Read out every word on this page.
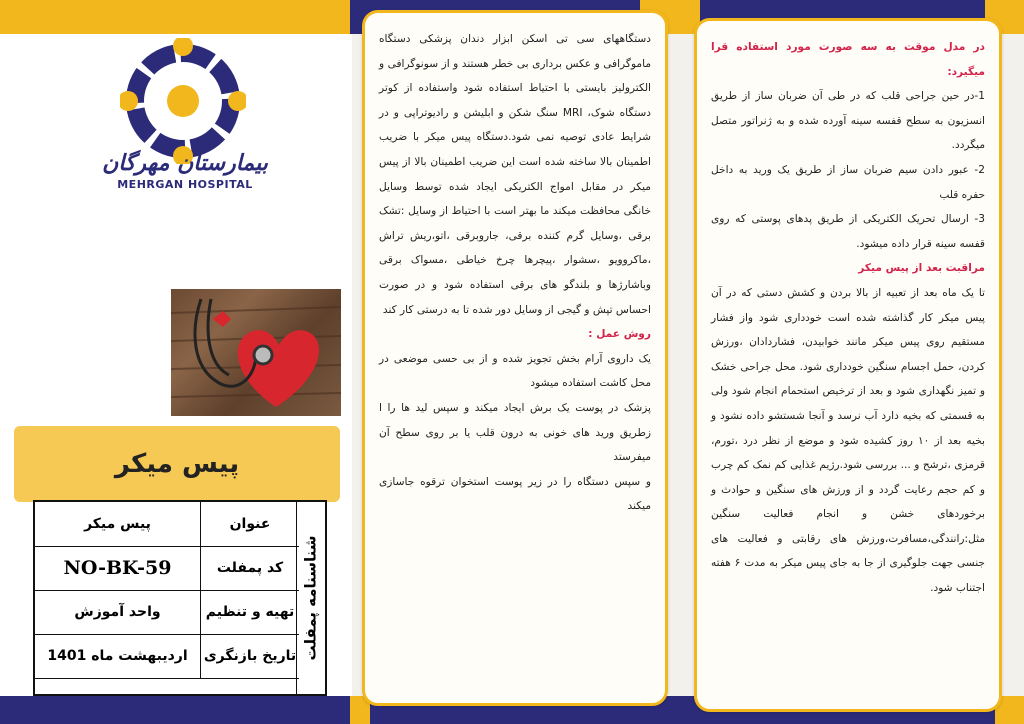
بیمارستان مهرگان
MEHRGAN HOSPITAL
پیس میکر
شناسنامه پمفلت
عنوان
پیس میکر
کد پمفلت
NO-BK-59
تهیه و تنظیم
واحد آموزش
تاریخ بازنگری
اردیبهشت ماه 1401

دستگاههای سی تی اسکن ابزار دندان پزشکی دستگاه ماموگرافی و عکس برداری بی خطر هستند و از سونوگرافی و الکترولیز بایستی با احتیاط استفاده شود واستفاده از کوتر دستگاه شوک، MRI سنگ شکن و ابلیشن و رادیوتراپی و در شرایط عادی توصیه نمی شود.دستگاه پیس میکر با ضریب اطمینان بالا ساخته شده است این ضریب اطمینان بالا از پیس میکر در مقابل امواج الکتریکی ایجاد شده توسط وسایل خانگی محافظت میکند ما بهتر است با احتیاط از وسایل :تشک برقی ،وسایل گرم کننده برقی، جاروبرقی ،اتو،ریش تراش ،ماکروویو ،سشوار ،پیچرها چرخ خیاطی ،مسواک برقی وباشارژها و بلندگو های برقی استفاده شود و در صورت احساس تپش و گیجی از وسایل دور شده تا به درستی کار کند

روش عمل :

یک داروی آرام بخش تجویز شده و از بی حسی موضعی در محل کاشت استفاده میشود

پزشک در پوست یک برش ایجاد میکند و سپس لید ها را ا زطریق ورید های خونی به درون قلب یا بر روی سطح آن میفرستد

و سپس دستگاه را در زیر پوست استخوان ترقوه جاسازی میکند

در مدل موقت به سه صورت مورد استفاده قرا میگیرد:

1-در حین جراحی قلب که در طی آن ضربان ساز از طریق انسزیون به سطح قفسه سینه آورده شده و به ژنراتور متصل میگردد.

2- عبور دادن سیم ضربان ساز از طریق یک ورید به داخل حفره قلب

3- ارسال تحریک الکتریکی از طریق پدهای پوستی که روی قفسه سینه قرار داده میشود.

مراقبت بعد از پیس میکر

تا یک ماه بعد از تعبیه از بالا بردن و کشش دستی که در آن پیس میکر کار گذاشته شده است خودداری شود واز فشار مستقیم روی پیس میکر مانند خوابیدن، فشاردادان ،ورزش کردن، حمل اجسام سنگین خودداری شود. محل جراحی خشک و تمیز نگهداری شود و بعد از ترخیص استحمام انجام شود ولی به قسمتی که بخیه دارد آب نرسد و آنجا شستشو داده نشود و بخیه بعد از ۱۰ روز کشیده شود و موضع از نظر درد ،تورم، قرمزی ،ترشح و ... بررسی شود.رژیم غذایی کم نمک کم چرب و کم حجم رعایت گردد و از ورزش های سنگین و حوادث و برخوردهای خشن و انجام فعالیت سنگین مثل:رانندگی،مسافرت،ورزش های رقابتی و فعالیت های جنسی جهت جلوگیری از جا به جای پیس میکر به مدت ۶ هفته اجتناب شود.
